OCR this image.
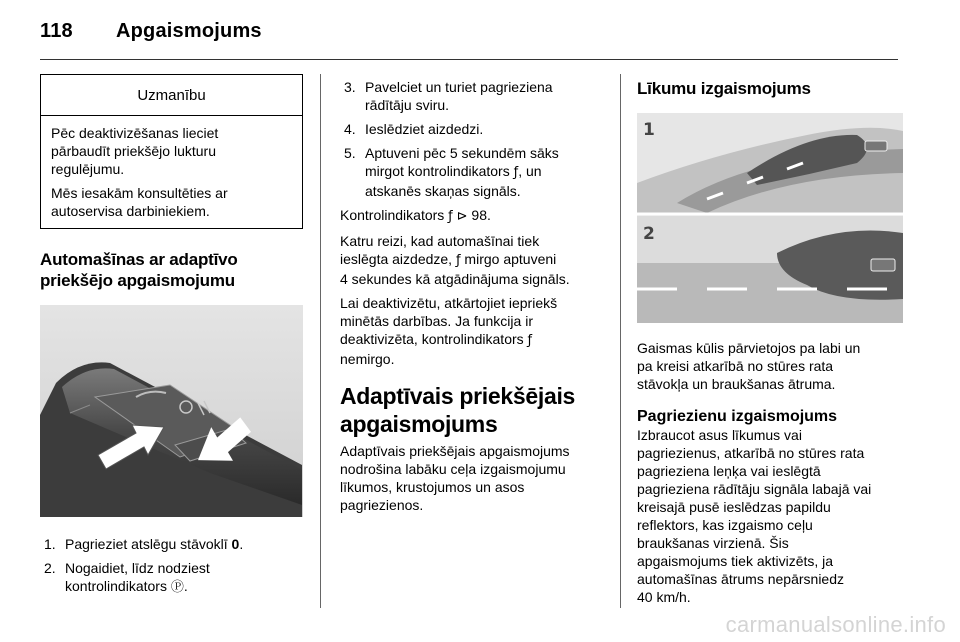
118 Apgaismojums
Uzmanību

Pēc deaktivizēšanas lieciet
pārbaudīt priekšējo lukturu
regulējumu.

Mēs iesakām konsultēties ar
autoservisa darbiniekiem.

Automašīnas ar adaptīvo
priekšējo apgaismojumu
1. Pagrieziet atslēgu stāvoklī 0.
2. Nogaidiet, līdz nodziest
kontrolindikators Ⓟ.
3. Pavelciet un turiet pagrieziena
rādītāju sviru.
4. Ieslēdziet aizdedzi.
5. Aptuveni pēc 5 sekundēm sāks
mirgot kontrolindikators ƒ, un
atskanēs skaņas signāls.

Kontrolindikators ƒ ⊳ 98.

Katru reizi, kad automašīnai tiek
ieslēgta aizdedze, ƒ mirgo aptuveni
4 sekundes kā atgādinājuma signāls.

Lai deaktivizētu, atkārtojiet iepriekš
minētās darbības. Ja funkcija ir
deaktivizēta, kontrolindikators ƒ
nemirgo.

Adaptīvais priekšējais
apgaismojums
Adaptīvais priekšējais apgaismojums
nodrošina labāku ceļa izgaismojumu
līkumos, krustojumos un asos
pagriezienos.
Līkumu izgaismojums
1
2
Gaismas kūlis pārvietojos pa labi un
pa kreisi atkarībā no stūres rata
stāvokļa un braukšanas ātruma.
Pagriezienu izgaismojums
Izbraucot asus līkumus vai
pagriezienus, atkarībā no stūres rata
pagrieziena leņķa vai ieslēgtā
pagrieziena rādītāju signāla labajā vai
kreisajā pusē ieslēdzas papildu
reflektors, kas izgaismo ceļu
braukšanas virzienā. Šis
apgaismojums tiek aktivizēts, ja
automašīnas ātrums nepārsniedz
40 km/h.
carmanualsonline.info
